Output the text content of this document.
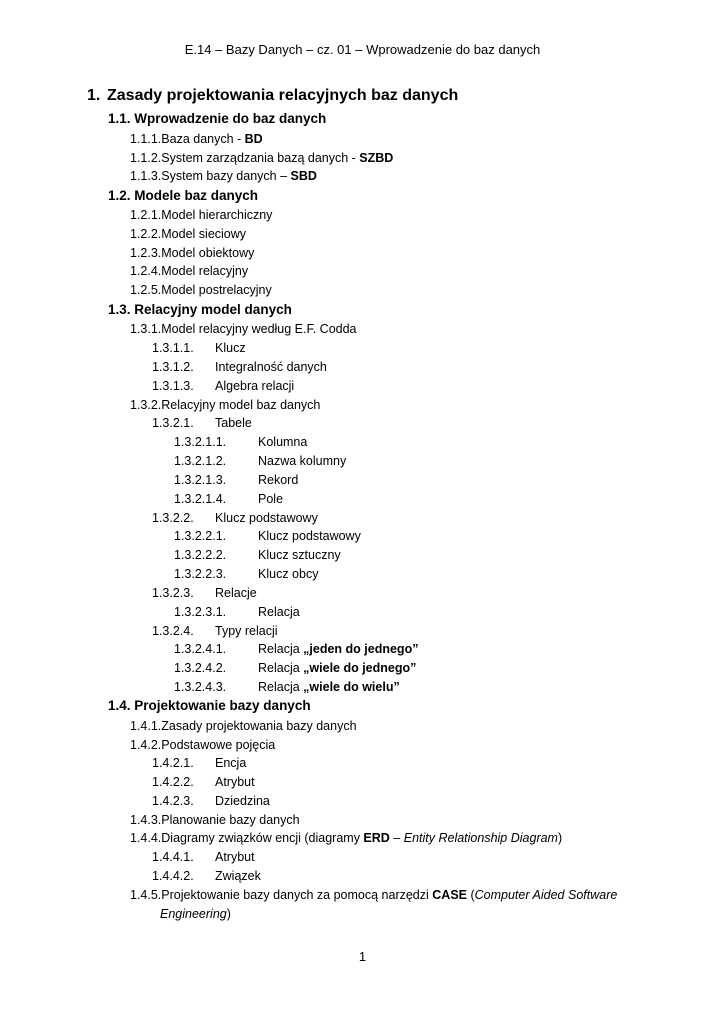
E.14 – Bazy Danych – cz. 01 – Wprowadzenie do baz danych
1. Zasady projektowania relacyjnych baz danych
1.1. Wprowadzenie do baz danych
1.1.1.Baza danych - BD
1.1.2.System zarządzania bazą danych - SZBD
1.1.3.System bazy danych – SBD
1.2. Modele baz danych
1.2.1.Model hierarchiczny
1.2.2.Model sieciowy
1.2.3.Model obiektowy
1.2.4.Model relacyjny
1.2.5.Model postrelacyjny
1.3. Relacyjny model danych
1.3.1.Model relacyjny według E.F. Codda
1.3.1.1. Klucz
1.3.1.2. Integralność danych
1.3.1.3. Algebra relacji
1.3.2.Relacyjny model baz danych
1.3.2.1. Tabele
1.3.2.1.1.	Kolumna
1.3.2.1.2.	Nazwa kolumny
1.3.2.1.3.	Rekord
1.3.2.1.4.	Pole
1.3.2.2. Klucz podstawowy
1.3.2.2.1.	Klucz podstawowy
1.3.2.2.2.	Klucz sztuczny
1.3.2.2.3.	Klucz obcy
1.3.2.3. Relacje
1.3.2.3.1.	Relacja
1.3.2.4. Typy relacji
1.3.2.4.1.	Relacja „jeden do jednego”
1.3.2.4.2.	Relacja „wiele do jednego”
1.3.2.4.3.	Relacja „wiele do wielu”
1.4. Projektowanie bazy danych
1.4.1.Zasady projektowania bazy danych
1.4.2.Podstawowe pojęcia
1.4.2.1. Encja
1.4.2.2. Atrybut
1.4.2.3. Dziedzina
1.4.3.Planowanie bazy danych
1.4.4.Diagramy związków encji (diagramy ERD – Entity Relationship Diagram)
1.4.4.1. Atrybut
1.4.4.2. Związek
1.4.5.Projektowanie bazy danych za pomocą narzędzi CASE (Computer Aided Software
Engineering)
1
